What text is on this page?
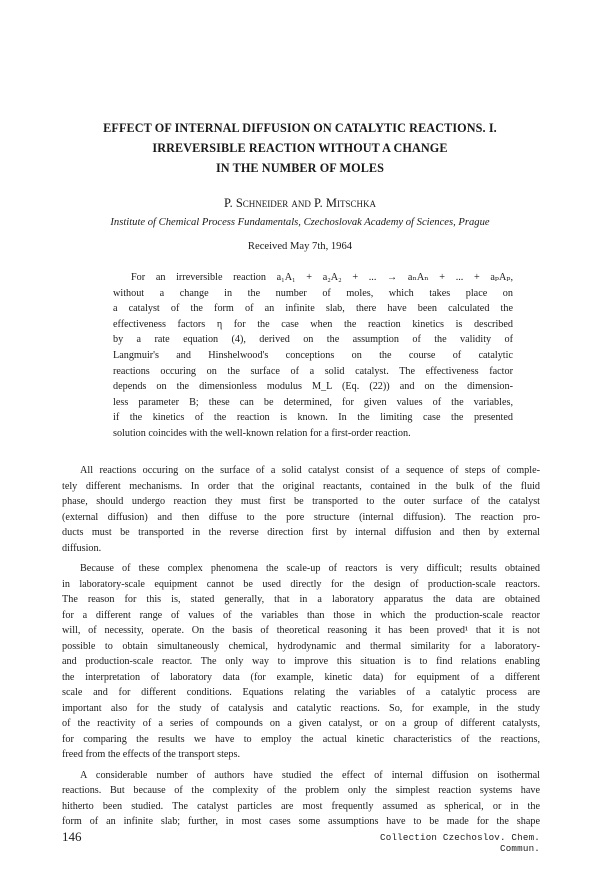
EFFECT OF INTERNAL DIFFUSION ON CATALYTIC REACTIONS. I.
IRREVERSIBLE REACTION WITHOUT A CHANGE
IN THE NUMBER OF MOLES
P. Schneider and P. Mitschka
Institute of Chemical Process Fundamentals, Czechoslovak Academy of Sciences, Prague
Received May 7th, 1964
For an irreversible reaction a₁A₁ + a₂A₂ + ... → aₙAₙ + ... + aₚAₚ,
without a change in the number of moles, which takes place on
a catalyst of the form of an infinite slab, there have been calculated the
effectiveness factors η for the case when the reaction kinetics is described
by a rate equation (4), derived on the assumption of the validity of
Langmuir's and Hinshelwood's conceptions on the course of catalytic
reactions occuring on the surface of a solid catalyst. The effectiveness factor
depends on the dimensionless modulus M_L (Eq. (22)) and on the dimension-
less parameter B; these can be determined, for given values of the variables,
if the kinetics of the reaction is known. In the limiting case the presented
solution coincides with the well-known relation for a first-order reaction.
All reactions occuring on the surface of a solid catalyst consist of a sequence of steps of comple-
tely different mechanisms. In order that the original reactants, contained in the bulk of the fluid
phase, should undergo reaction they must first be transported to the outer surface of the catalyst
(external diffusion) and then diffuse to the pore structure (internal diffusion). The reaction pro-
ducts must be transported in the reverse direction first by internal diffusion and then by external
diffusion.
Because of these complex phenomena the scale-up of reactors is very difficult; results obtained
in laboratory-scale equipment cannot be used directly for the design of production-scale reactors.
The reason for this is, stated generally, that in a laboratory apparatus the data are obtained
for a different range of values of the variables than those in which the production-scale reactor
will, of necessity, operate. On the basis of theoretical reasoning it has been proved¹ that it is not
possible to obtain simultaneously chemical, hydrodynamic and thermal similarity for a laboratory-
and production-scale reactor. The only way to improve this situation is to find relations enabling
the interpretation of laboratory data (for example, kinetic data) for equipment of a different
scale and for different conditions. Equations relating the variables of a catalytic process are
important also for the study of catalysis and catalytic reactions. So, for example, in the study
of the reactivity of a series of compounds on a given catalyst, or on a group of different catalysts,
for comparing the results we have to employ the actual kinetic characteristics of the reactions,
freed from the effects of the transport steps.
A considerable number of authors have studied the effect of internal diffusion on isothermal
reactions. But because of the complexity of the problem only the simplest reaction systems have
hitherto been studied. The catalyst particles are most frequently assumed as spherical, or in the
form of an infinite slab; further, in most cases some assumptions have to be made for the shape
146	Collection Czechoslov. Chem. Commun.
